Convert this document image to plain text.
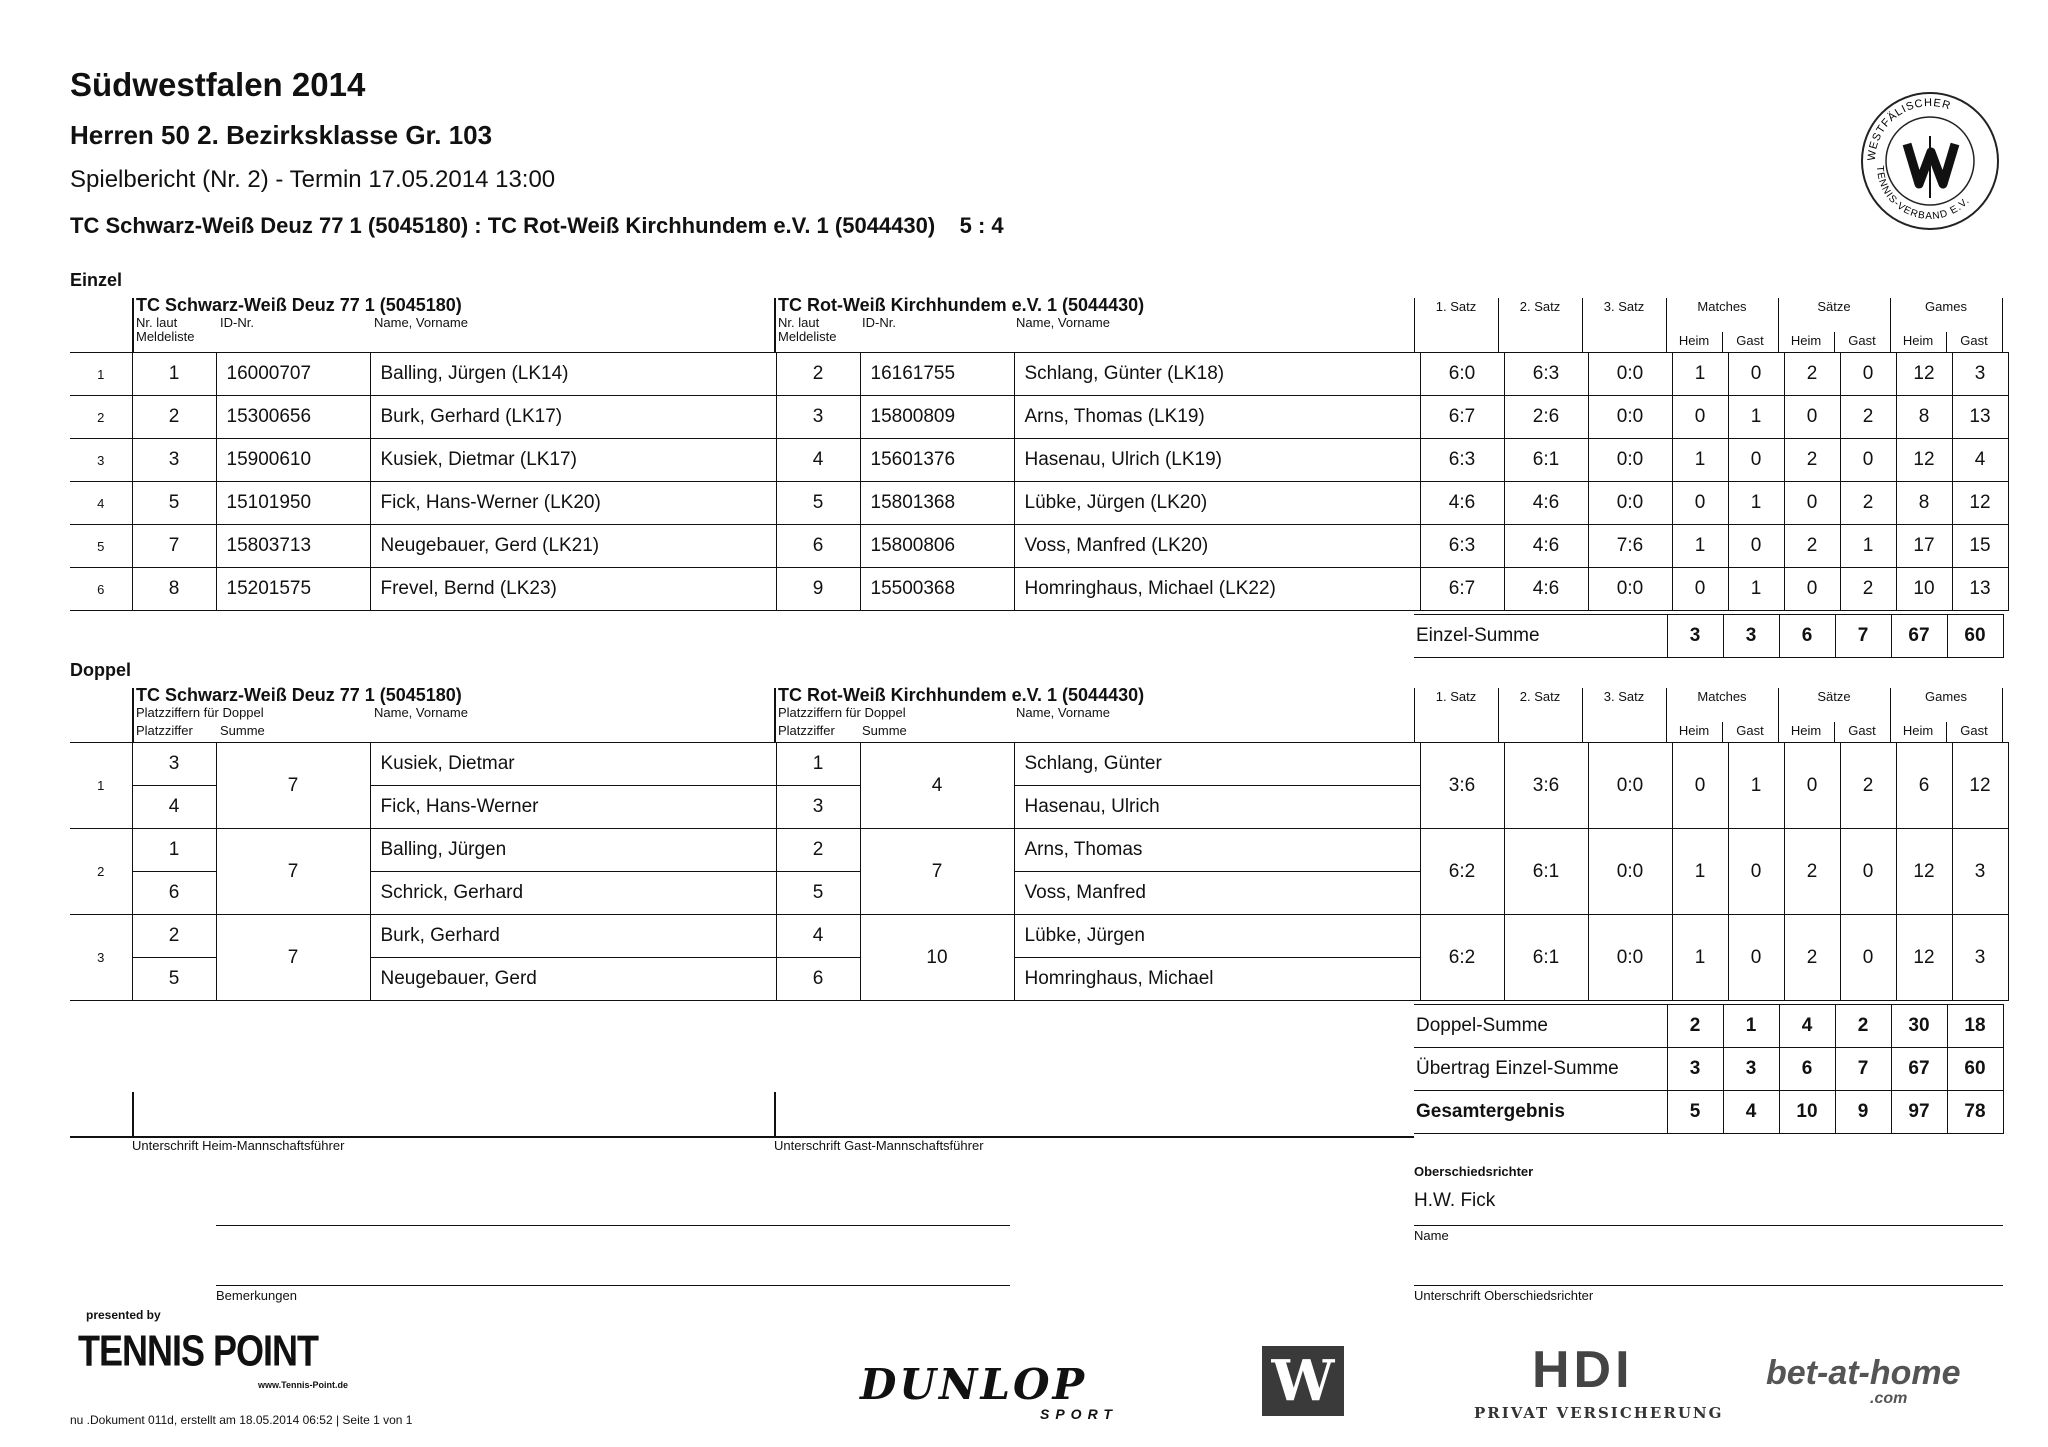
Südwestfalen 2014
Herren 50 2. Bezirksklasse Gr. 103
Spielbericht (Nr. 2) - Termin 17.05.2014 13:00
TC Schwarz-Weiß Deuz 77 1 (5045180) : TC Rot-Weiß Kirchhundem e.V. 1 (5044430)    5 : 4
WESTFÄLISCHER
TENNIS-VERBAND E.V.
Einzel
TC Schwarz-Weiß Deuz 77 1 (5045180)	TC Rot-Weiß Kirchhundem e.V. 1 (5044430)
Nr. laut
Meldeliste
ID-Nr.	Name, Vorname	Nr. laut
Meldeliste
ID-Nr.	Name, Vorname
1. Satz	2. Satz	3. Satz	Matches
Heim	Gast
Sätze
Heim	Gast
Games
Heim	Gast
1	1	16000707	Balling, Jürgen (LK14)	2	16161755	Schlang, Günter (LK18)	6:0	6:3	0:0	1	0	2	0	12	3
2	2	15300656	Burk, Gerhard (LK17)	3	15800809	Arns, Thomas (LK19)	6:7	2:6	0:0	0	1	0	2	8	13
3	3	15900610	Kusiek, Dietmar (LK17)	4	15601376	Hasenau, Ulrich (LK19)	6:3	6:1	0:0	1	0	2	0	12	4
4	5	15101950	Fick, Hans-Werner (LK20)	5	15801368	Lübke, Jürgen (LK20)	4:6	4:6	0:0	0	1	0	2	8	12
5	7	15803713	Neugebauer, Gerd (LK21)	6	15800806	Voss, Manfred (LK20)	6:3	4:6	7:6	1	0	2	1	17	15
6	8	15201575	Frevel, Bernd (LK23)	9	15500368	Homringhaus, Michael (LK22)	6:7	4:6	0:0	0	1	0	2	10	13
Einzel-Summe	3	3	6	7	67	60
Doppel
TC Schwarz-Weiß Deuz 77 1 (5045180)	TC Rot-Weiß Kirchhundem e.V. 1 (5044430)
Platzziffern für Doppel
Platzziffer Summe
Name, Vorname	Platzziffern für Doppel
Platzziffer Summe
Name, Vorname
1. Satz	2. Satz	3. Satz	Matches
Heim	Gast
Sätze
Heim	Gast
Games
Heim	Gast
1	3	7	Kusiek, Dietmar	1	4	Schlang, Günter	3:6	3:6	0:0	0	1	0	2	6	12
	4		Fick, Hans-Werner	3		Hasenau, Ulrich									
2	1	7	Balling, Jürgen	2	7	Arns, Thomas	6:2	6:1	0:0	1	0	2	0	12	3
	6		Schrick, Gerhard	5		Voss, Manfred									
3	2	7	Burk, Gerhard	4	10	Lübke, Jürgen	6:2	6:1	0:0	1	0	2	0	12	3
	5		Neugebauer, Gerd	6		Homringhaus, Michael									
Doppel-Summe	2	1	4	2	30	18
Übertrag Einzel-Summe	3	3	6	7	67	60
Gesamtergebnis	5	4	10	9	97	78
Unterschrift Heim-Mannschaftsführer	Unterschrift Gast-Mannschaftsführer
Oberschiedsrichter
H.W. Fick
Name
Unterschrift Oberschiedsrichter
Bemerkungen
presented by
TENNIS POINT
www.Tennis-Point.de
nu .Dokument 011d, erstellt am 18.05.2014 06:52 | Seite 1 von 1
DUNLOP
SPORT	W	HDI
PRIVAT VERSICHERUNG
bet-at-home
.com
